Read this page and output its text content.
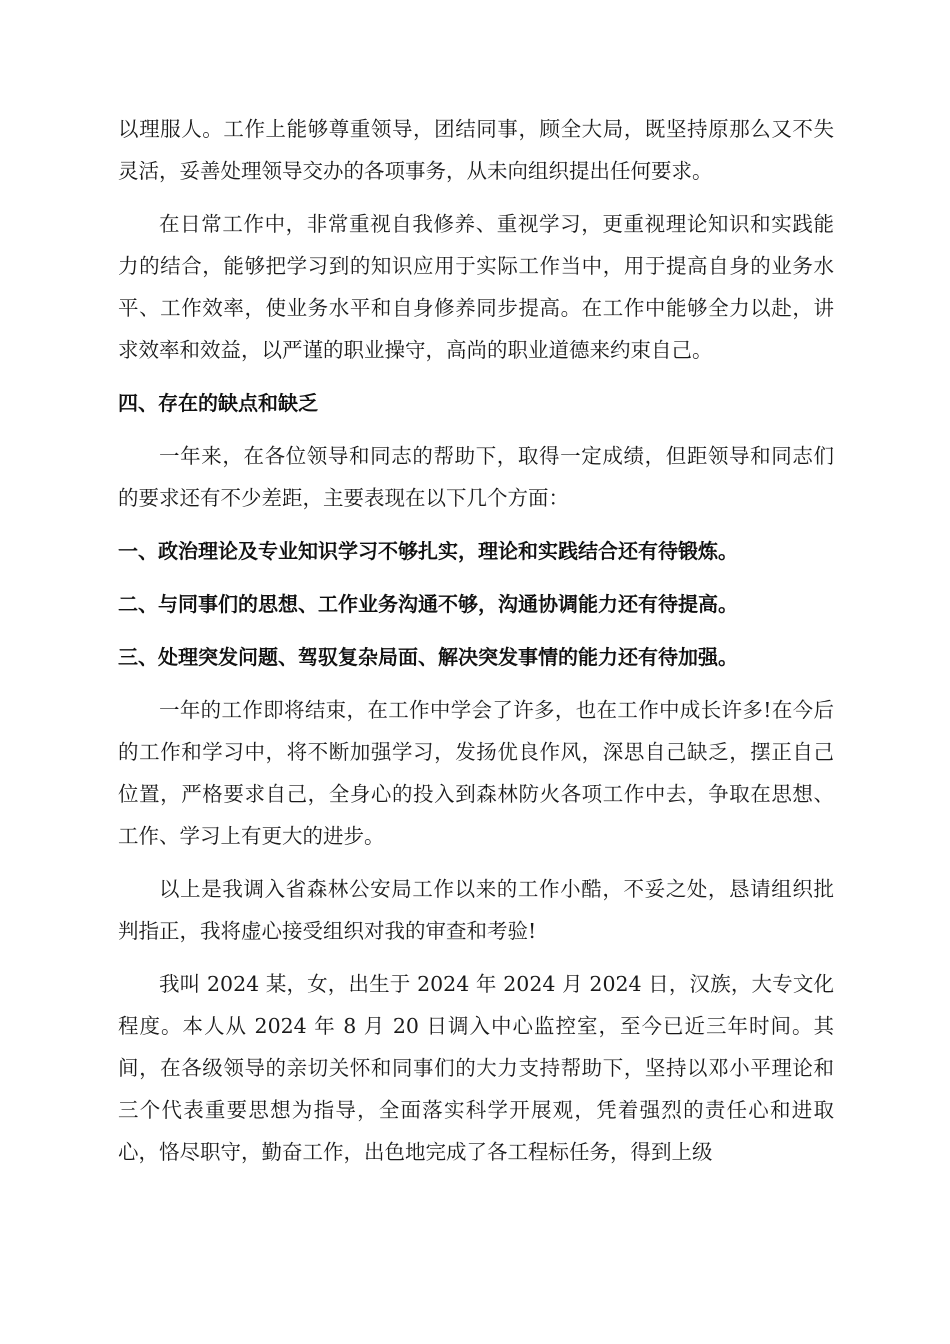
以理服人。工作上能够尊重领导，团结同事，顾全大局，既坚持原那么又不失灵活，妥善处理领导交办的各项事务，从未向组织提出任何要求。

在日常工作中，非常重视自我修养、重视学习，更重视理论知识和实践能力的结合，能够把学习到的知识应用于实际工作当中，用于提高自身的业务水平、工作效率，使业务水平和自身修养同步提高。在工作中能够全力以赴，讲求效率和效益，以严谨的职业操守，高尚的职业道德来约束自己。

四、存在的缺点和缺乏

一年来，在各位领导和同志的帮助下，取得一定成绩，但距领导和同志们的要求还有不少差距，主要表现在以下几个方面：

一、政治理论及专业知识学习不够扎实，理论和实践结合还有待锻炼。

二、与同事们的思想、工作业务沟通不够，沟通协调能力还有待提高。

三、处理突发问题、驾驭复杂局面、解决突发事情的能力还有待加强。

一年的工作即将结束，在工作中学会了许多，也在工作中成长许多!在今后的工作和学习中，将不断加强学习，发扬优良作风，深思自己缺乏，摆正自己位置，严格要求自己，全身心的投入到森林防火各项工作中去，争取在思想、工作、学习上有更大的进步。

以上是我调入省森林公安局工作以来的工作小酷，不妥之处，恳请组织批判指正，我将虚心接受组织对我的审查和考验!

我叫 2024 某，女，出生于 2024 年 2024 月 2024 日，汉族，大专文化程度。本人从 2024 年 8 月 20 日调入中心监控室，至今已近三年时间。其间，在各级领导的亲切关怀和同事们的大力支持帮助下，坚持以邓小平理论和三个代表重要思想为指导，全面落实科学开展观，凭着强烈的责任心和进取心，恪尽职守，勤奋工作，出色地完成了各工程标任务，得到上级
